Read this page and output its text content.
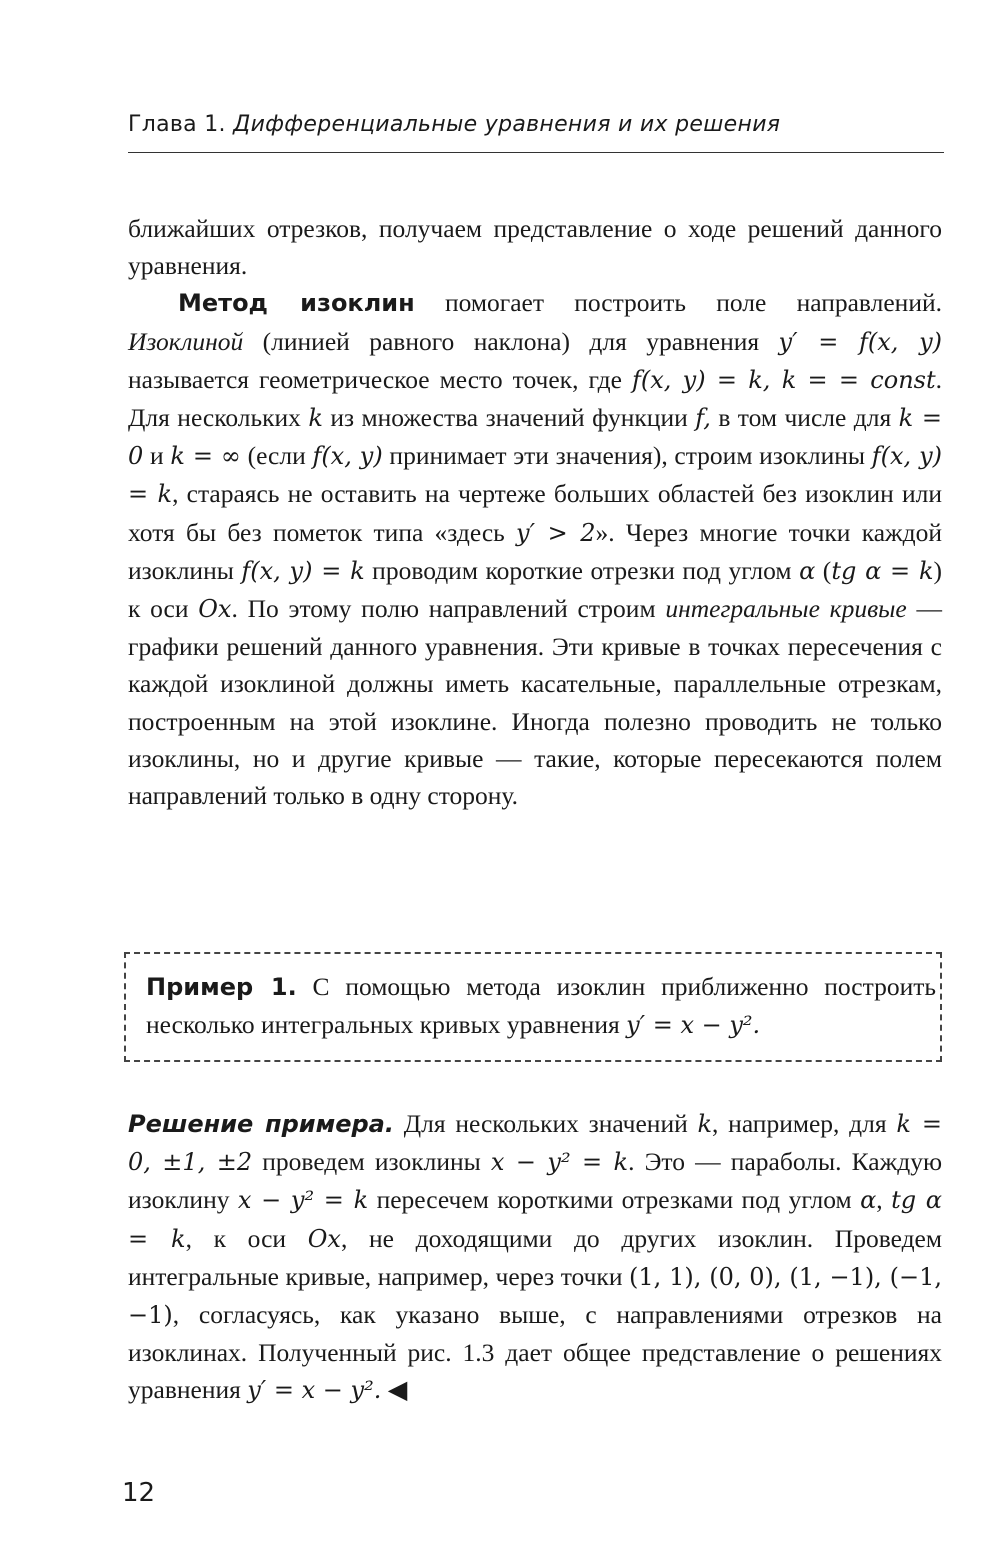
Глава 1. Дифференциальные уравнения и их решения

ближайших отрезков, получаем представление о ходе решений данного уравнения.

Метод изоклин помогает построить поле направлений. Изоклиной (линией равного наклона) для уравнения y′ = f(x, y) называется геометрическое место точек, где f(x, y) = k, k = = const. Для нескольких k из множества значений функции f, в том числе для k = 0 и k = ∞ (если f(x, y) принимает эти значения), строим изоклины f(x, y) = k, стараясь не оставить на чертеже больших областей без изоклин или хотя бы без пометок типа «здесь y′ > 2». Через многие точки каждой изоклины f(x, y) = k проводим короткие отрезки под углом α (tg α = k) к оси Ox. По этому полю направлений строим интегральные кривые — графики решений данного уравнения. Эти кривые в точках пересечения с каждой изоклиной должны иметь касательные, параллельные отрезкам, построенным на этой изоклине. Иногда полезно проводить не только изоклины, но и другие кривые — такие, которые пересекаются полем направлений только в одну сторону.

Пример 1. С помощью метода изоклин приближенно построить несколько интегральных кривых уравнения y′ = x − y².

Решение примера. Для нескольких значений k, например, для k = 0, ±1, ±2 проведем изоклины x − y² = k. Это — параболы. Каждую изоклину x − y² = k пересечем короткими отрезками под углом α, tg α = k, к оси Ox, не доходящими до других изоклин. Проведем интегральные кривые, например, через точки (1, 1), (0, 0), (1, −1), (−1, −1), согласуясь, как указано выше, с направлениями отрезков на изоклинах. Полученный рис. 1.3 дает общее представление о решениях уравнения y′ = x − y². ◀

12
